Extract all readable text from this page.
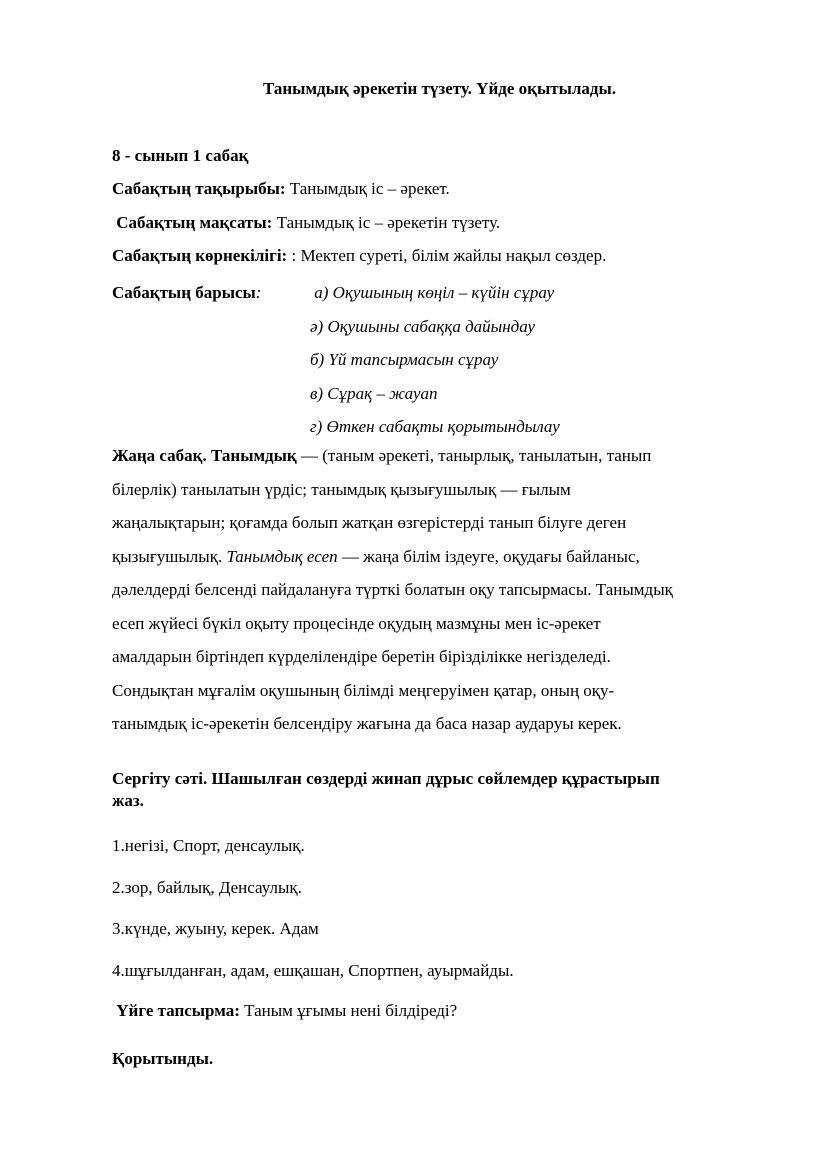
Танымдық әрекетін түзету. Үйде оқытылады.
8 - сынып 1 сабақ
Сабақтың тақырыбы: Танымдық іс – әрекет.
Сабақтың мақсаты: Танымдық іс – әрекетін түзету.
Сабақтың көрнекілігі: : Мектеп суреті, білім жайлы нақыл сөздер.
Сабақтың барысы:	а) Оқушының көңіл – күйін сұрау
ә) Оқушыны сабаққа дайындау
б) Үй тапсырмасын сұрау
в) Сұрақ – жауап
г) Өткен сабақты қорытындылау
Жаңа сабақ. Танымдық — (таным әрекеті, танырлық, танылатын, танып
білерлік) танылатын үрдіс; танымдық қызығушылық — ғылым
жаңалықтарын; қоғамда болып жатқан өзгерістерді танып білуге деген
қызығушылық. Танымдық есеп — жаңа білім іздеуге, оқудағы байланыс,
дәлелдерді белсенді пайдалануға түрткі болатын оқу тапсырмасы. Танымдық
есеп жүйесі бүкіл оқыту процесінде оқудың мазмұны мен іс-әрекет
амалдарын біртіндеп күрделілендіре беретін бірізділікке негізделеді.
Сондықтан мұғалім оқушының білімді меңгеруімен қатар, оның оқу-
танымдық іс-әрекетін белсендіру жағына да баса назар аударуы керек.
Сергіту сәті. Шашылған сөздерді жинап дұрыс сөйлемдер құрастырып
жаз.
1.негізі, Спорт, денсаулық.
2.зор, байлық, Денсаулық.
3.күнде, жуыну, керек. Адам
4.шұғылданған, адам, ешқашан, Спортпен, ауырмайды.
Үйге тапсырма: Таным ұғымы нені білдіреді?
Қорытынды.
